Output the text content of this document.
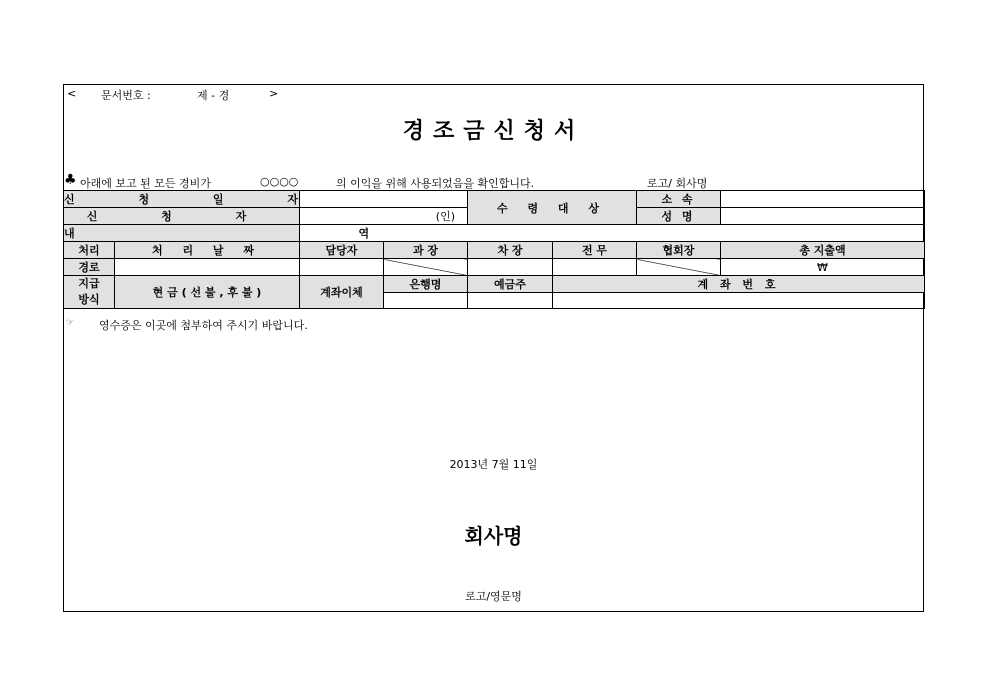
< 문서번호 :	제 - 경	>
경조금신청서
♣ 아래에 보고 된 모든 경비가	○○○○	의 이익을 위해 사용되었음을 확인합니다.	로고/ 회사명
신 청 일 자				수 령 대 상		소 속	
신 청 자		(인)				성 명	
내 역							
처리	처 리 날 짜	담당자	과 장	차 장	전 무	협회장	총 지출액
경로							₩

지급
방식	현 금 ( 선 불 , 후 불 )	계좌이체	은행명	예금주	계 좌 번 호		

☞ 영수증은 이곳에 첨부하여 주시기 바랍니다.
2013년 7월 11일
회사명
로고/영문명
